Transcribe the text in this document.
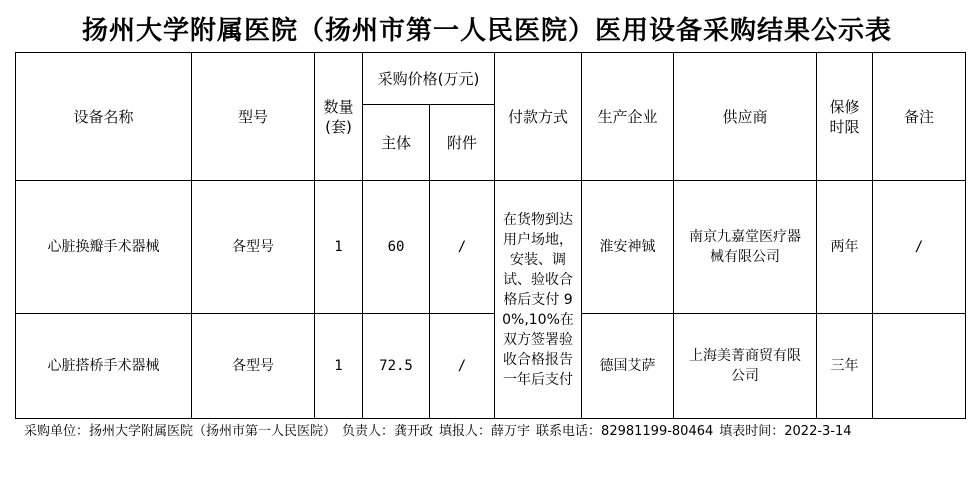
扬州大学附属医院（扬州市第一人民医院）医用设备采购结果公示表
设备名称	型号	数量(套)	采购价格(万元)		付款方式	生产企业	供应商	保修时限	备注
			主体	附件					
心脏换瓣手术器械	各型号	1	60	/	在货物到达用户场地，安装、调试、验收合格后支付 90%,10%在双方签署验收合格报告一年后支付	淮安神铖	南京九嘉堂医疗器械有限公司	两年	/
心脏搭桥手术器械	各型号	1	72.5	/		德国艾萨	上海美菁商贸有限公司	三年	
采购单位：扬州大学附属医院（扬州市第一人民医院） 负责人：龚开政 填报人：薛万宇 联系电话：82981199-80464 填表时间：2022-3-14
